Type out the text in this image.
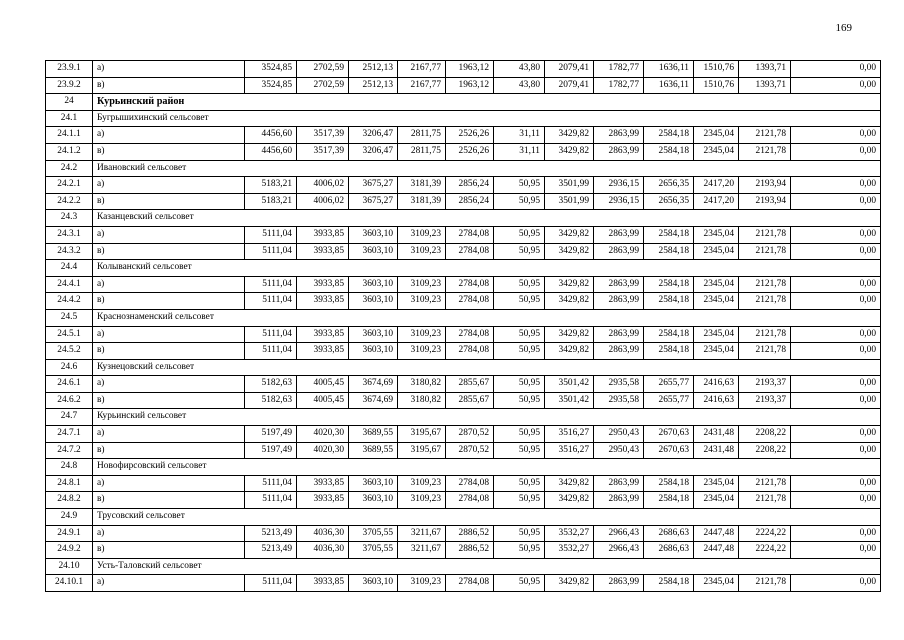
169
23.9.1	а)	3524,85	2702,59	2512,13	2167,77	1963,12	43,80	2079,41	1782,77	1636,11	1510,76	1393,71	0,00
23.9.2	в)	3524,85	2702,59	2512,13	2167,77	1963,12	43,80	2079,41	1782,77	1636,11	1510,76	1393,71	0,00
24	Курьинский район												
24.1	Бугрышихинский сельсовет												
24.1.1	а)	4456,60	3517,39	3206,47	2811,75	2526,26	31,11	3429,82	2863,99	2584,18	2345,04	2121,78	0,00
24.1.2	в)	4456,60	3517,39	3206,47	2811,75	2526,26	31,11	3429,82	2863,99	2584,18	2345,04	2121,78	0,00
24.2	Ивановский сельсовет												
24.2.1	а)	5183,21	4006,02	3675,27	3181,39	2856,24	50,95	3501,99	2936,15	2656,35	2417,20	2193,94	0,00
24.2.2	в)	5183,21	4006,02	3675,27	3181,39	2856,24	50,95	3501,99	2936,15	2656,35	2417,20	2193,94	0,00
24.3	Казанцевский сельсовет												
24.3.1	а)	5111,04	3933,85	3603,10	3109,23	2784,08	50,95	3429,82	2863,99	2584,18	2345,04	2121,78	0,00
24.3.2	в)	5111,04	3933,85	3603,10	3109,23	2784,08	50,95	3429,82	2863,99	2584,18	2345,04	2121,78	0,00
24.4	Колыванский сельсовет												
24.4.1	а)	5111,04	3933,85	3603,10	3109,23	2784,08	50,95	3429,82	2863,99	2584,18	2345,04	2121,78	0,00
24.4.2	в)	5111,04	3933,85	3603,10	3109,23	2784,08	50,95	3429,82	2863,99	2584,18	2345,04	2121,78	0,00
24.5	Краснознаменский сельсовет												
24.5.1	а)	5111,04	3933,85	3603,10	3109,23	2784,08	50,95	3429,82	2863,99	2584,18	2345,04	2121,78	0,00
24.5.2	в)	5111,04	3933,85	3603,10	3109,23	2784,08	50,95	3429,82	2863,99	2584,18	2345,04	2121,78	0,00
24.6	Кузнецовский сельсовет												
24.6.1	а)	5182,63	4005,45	3674,69	3180,82	2855,67	50,95	3501,42	2935,58	2655,77	2416,63	2193,37	0,00
24.6.2	в)	5182,63	4005,45	3674,69	3180,82	2855,67	50,95	3501,42	2935,58	2655,77	2416,63	2193,37	0,00
24.7	Курьинский сельсовет												
24.7.1	а)	5197,49	4020,30	3689,55	3195,67	2870,52	50,95	3516,27	2950,43	2670,63	2431,48	2208,22	0,00
24.7.2	в)	5197,49	4020,30	3689,55	3195,67	2870,52	50,95	3516,27	2950,43	2670,63	2431,48	2208,22	0,00
24.8	Новофирсовский сельсовет												
24.8.1	а)	5111,04	3933,85	3603,10	3109,23	2784,08	50,95	3429,82	2863,99	2584,18	2345,04	2121,78	0,00
24.8.2	в)	5111,04	3933,85	3603,10	3109,23	2784,08	50,95	3429,82	2863,99	2584,18	2345,04	2121,78	0,00
24.9	Трусовский сельсовет												
24.9.1	а)	5213,49	4036,30	3705,55	3211,67	2886,52	50,95	3532,27	2966,43	2686,63	2447,48	2224,22	0,00
24.9.2	в)	5213,49	4036,30	3705,55	3211,67	2886,52	50,95	3532,27	2966,43	2686,63	2447,48	2224,22	0,00
24.10	Усть-Таловский сельсовет												
24.10.1	а)	5111,04	3933,85	3603,10	3109,23	2784,08	50,95	3429,82	2863,99	2584,18	2345,04	2121,78	0,00
